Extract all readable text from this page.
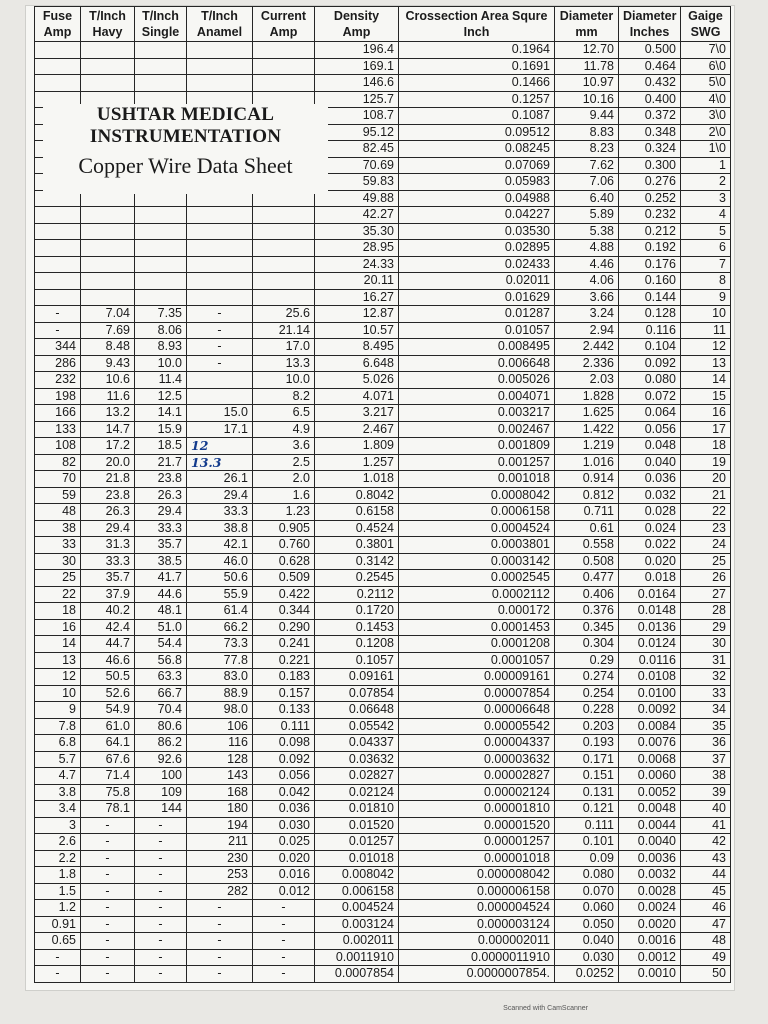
Fuse Amp	T/Inch Havy	T/Inch Single	T/Inch Anamel	Current Amp	Density Amp	Crossection Area Squre Inch	Diameter mm	Diameter Inches	Gaige SWG
					196.4	0.1964	12.70	0.500	7\0
					169.1	0.1691	11.78	0.464	6\0
					146.6	0.1466	10.97	0.432	5\0
					125.7	0.1257	10.16	0.400	4\0
					108.7	0.1087	9.44	0.372	3\0
					95.12	0.09512	8.83	0.348	2\0
					82.45	0.08245	8.23	0.324	1\0
					70.69	0.07069	7.62	0.300	1
					59.83	0.05983	7.06	0.276	2
					49.88	0.04988	6.40	0.252	3
					42.27	0.04227	5.89	0.232	4
					35.30	0.03530	5.38	0.212	5
					28.95	0.02895	4.88	0.192	6
					24.33	0.02433	4.46	0.176	7
					20.11	0.02011	4.06	0.160	8
					16.27	0.01629	3.66	0.144	9
-	7.04	7.35	-	25.6	12.87	0.01287	3.24	0.128	10
-	7.69	8.06	-	21.14	10.57	0.01057	2.94	0.116	11
344	8.48	8.93	-	17.0	8.495	0.008495	2.442	0.104	12
286	9.43	10.0	-	13.3	6.648	0.006648	2.336	0.092	13
232	10.6	11.4		10.0	5.026	0.005026	2.03	0.080	14
198	11.6	12.5		8.2	4.071	0.004071	1.828	0.072	15
166	13.2	14.1	15.0	6.5	3.217	0.003217	1.625	0.064	16
133	14.7	15.9	17.1	4.9	2.467	0.002467	1.422	0.056	17
108	17.2	18.5	12	3.6	1.809	0.001809	1.219	0.048	18
82	20.0	21.7	13.3	2.5	1.257	0.001257	1.016	0.040	19
70	21.8	23.8	26.1	2.0	1.018	0.001018	0.914	0.036	20
59	23.8	26.3	29.4	1.6	0.8042	0.0008042	0.812	0.032	21
48	26.3	29.4	33.3	1.23	0.6158	0.0006158	0.711	0.028	22
38	29.4	33.3	38.8	0.905	0.4524	0.0004524	0.61	0.024	23
33	31.3	35.7	42.1	0.760	0.3801	0.0003801	0.558	0.022	24
30	33.3	38.5	46.0	0.628	0.3142	0.0003142	0.508	0.020	25
25	35.7	41.7	50.6	0.509	0.2545	0.0002545	0.477	0.018	26
22	37.9	44.6	55.9	0.422	0.2112	0.0002112	0.406	0.0164	27
18	40.2	48.1	61.4	0.344	0.1720	0.000172	0.376	0.0148	28
16	42.4	51.0	66.2	0.290	0.1453	0.0001453	0.345	0.0136	29
14	44.7	54.4	73.3	0.241	0.1208	0.0001208	0.304	0.0124	30
13	46.6	56.8	77.8	0.221	0.1057	0.0001057	0.29	0.0116	31
12	50.5	63.3	83.0	0.183	0.09161	0.00009161	0.274	0.0108	32
10	52.6	66.7	88.9	0.157	0.07854	0.00007854	0.254	0.0100	33
9	54.9	70.4	98.0	0.133	0.06648	0.00006648	0.228	0.0092	34
7.8	61.0	80.6	106	0.111	0.05542	0.00005542	0.203	0.0084	35
6.8	64.1	86.2	116	0.098	0.04337	0.00004337	0.193	0.0076	36
5.7	67.6	92.6	128	0.092	0.03632	0.00003632	0.171	0.0068	37
4.7	71.4	100	143	0.056	0.02827	0.00002827	0.151	0.0060	38
3.8	75.8	109	168	0.042	0.02124	0.00002124	0.131	0.0052	39
3.4	78.1	144	180	0.036	0.01810	0.00001810	0.121	0.0048	40
3	-	-	194	0.030	0.01520	0.00001520	0.111	0.0044	41
2.6	-	-	211	0.025	0.01257	0.00001257	0.101	0.0040	42
2.2	-	-	230	0.020	0.01018	0.00001018	0.09	0.0036	43
1.8	-	-	253	0.016	0.008042	0.000008042	0.080	0.0032	44
1.5	-	-	282	0.012	0.006158	0.000006158	0.070	0.0028	45
1.2	-	-	-	-	0.004524	0.000004524	0.060	0.0024	46
0.91	-	-	-	-	0.003124	0.000003124	0.050	0.0020	47
0.65	-	-	-	-	0.002011	0.000002011	0.040	0.0016	48
-	-	-	-	-	0.0011910	0.0000011910	0.030	0.0012	49
-	-	-	-	-	0.0007854	0.0000007854.	0.0252	0.0010	50
USHTAR MEDICAL
INSTRUMENTATION
Copper Wire Data Sheet
Scanned with CamScanner
